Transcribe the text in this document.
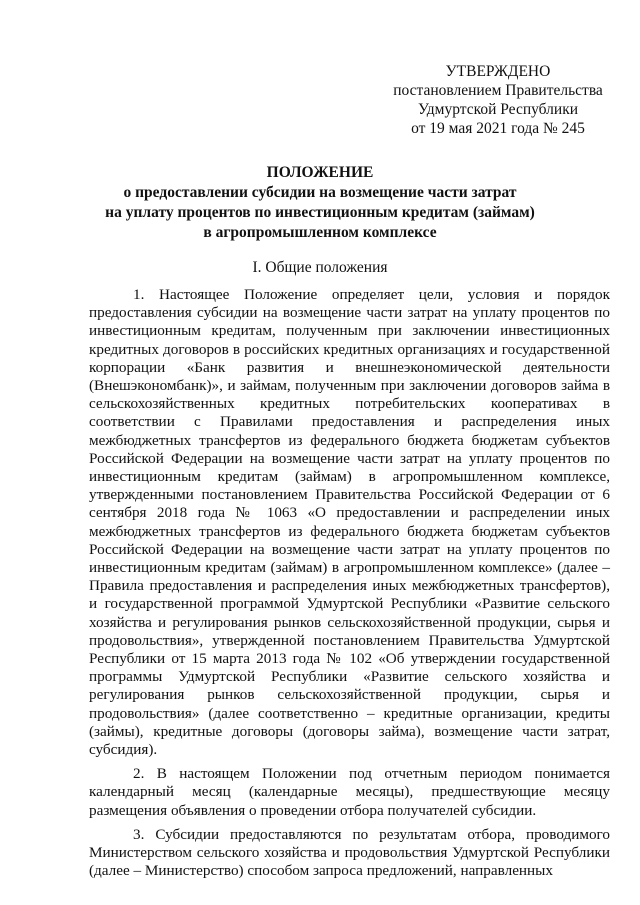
УТВЕРЖДЕНО
постановлением Правительства
Удмуртской Республики
от 19 мая 2021 года № 245
ПОЛОЖЕНИЕ
о предоставлении субсидии на возмещение части затрат
на уплату процентов по инвестиционным кредитам (займам)
в агропромышленном комплексе
I. Общие положения

1. Настоящее Положение определяет цели, условия и порядок предоставления субсидии на возмещение части затрат на уплату процентов по инвестиционным кредитам, полученным при заключении инвестиционных кредитных договоров в российских кредитных организациях и государственной корпорации «Банк развития и внешнеэкономической деятельности (Внешэкономбанк)», и займам, полученным при заключении договоров займа в сельскохозяйственных кредитных потребительских кооперативах в соответствии с Правилами предоставления и распределения иных межбюджетных трансфертов из федерального бюджета бюджетам субъектов Российской Федерации на возмещение части затрат на уплату процентов по инвестиционным кредитам (займам) в агропромышленном комплексе, утвержденными постановлением Правительства Российской Федерации от 6 сентября 2018 года № 1063 «О предоставлении и распределении иных межбюджетных трансфертов из федерального бюджета бюджетам субъектов Российской Федерации на возмещение части затрат на уплату процентов по инвестиционным кредитам (займам) в агропромышленном комплексе» (далее – Правила предоставления и распределения иных межбюджетных трансфертов), и государственной программой Удмуртской Республики «Развитие сельского хозяйства и регулирования рынков сельскохозяйственной продукции, сырья и продовольствия», утвержденной постановлением Правительства Удмуртской Республики от 15 марта 2013 года № 102 «Об утверждении государственной программы Удмуртской Республики «Развитие сельского хозяйства и регулирования рынков сельскохозяйственной продукции, сырья и продовольствия» (далее соответственно – кредитные организации, кредиты (займы), кредитные договоры (договоры займа), возмещение части затрат, субсидия).

2. В настоящем Положении под отчетным периодом понимается календарный месяц (календарные месяцы), предшествующие месяцу размещения объявления о проведении отбора получателей субсидии.

3. Субсидии предоставляются по результатам отбора, проводимого Министерством сельского хозяйства и продовольствия Удмуртской Республики (далее – Министерство) способом запроса предложений, направленных
